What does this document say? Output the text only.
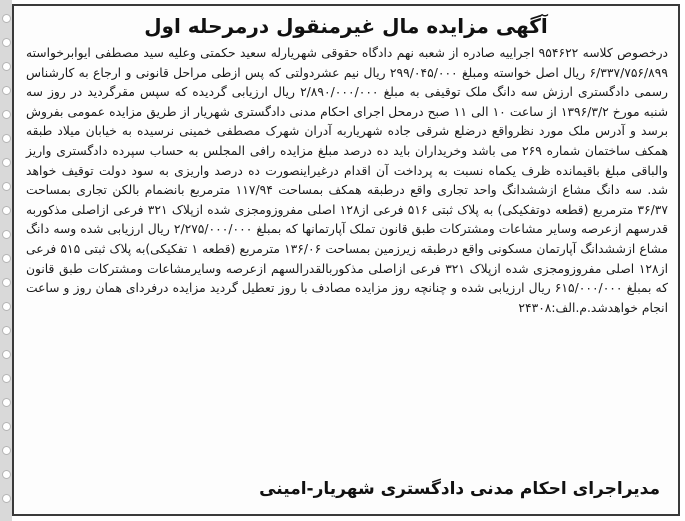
آگهی مزایده مال غیرمنقول درمرحله اول
درخصوص کلاسه ۹۵۴۶۲۲ اجراییه صادره از شعبه نهم دادگاه حقوقی شهریارله سعید حکمتی وعلیه سید مصطفی ایوابرخواسته ۶/۳۳۷/۷۵۶/۸۹۹ ریال اصل خواسته ومبلغ ۲۹۹/۰۴۵/۰۰۰ ریال نیم عشردولتی که پس ازطی مراحل قانونی و ارجاع به کارشناس رسمی دادگستری ارزش سه دانگ ملک توقیفی به مبلغ ۲/۸۹۰/۰۰۰/۰۰۰ ریال ارزیابی گردیده که سپس مقرگردید در روز سه شنبه مورخ ۱۳۹۶/۳/۲ از ساعت ۱۰ الی ۱۱ صبح درمحل اجرای احکام مدنی دادگستری شهریار از طریق مزایده عمومی بفروش برسد و آدرس ملک مورد نظرواقع درضلع شرقی جاده شهریاربه آدران شهرک مصطفی خمینی نرسیده به خیابان میلاد طبقه همکف ساختمان شماره ۲۶۹ می باشد وخریداران باید ده درصد مبلغ مزایده رافی المجلس به حساب سپرده دادگستری واریز والباقی مبلغ باقیمانده ظرف یکماه نسبت به پرداخت آن اقدام درغیراینصورت ده درصد واریزی به سود دولت توقیف خواهد شد. سه دانگ مشاع ازششدانگ واحد تجاری واقع درطبقه همکف بمساحت ۱۱۷/۹۴ مترمربع بانضمام بالکن تجاری بمساحت ۳۶/۳۷ مترمربع (قطعه دوتفکیکی) به پلاک ثبتی ۵۱۶ فرعی از۱۲۸ اصلی مفروزومجزی شده ازپلاک ۳۲۱ فرعی ازاصلی مذکوربه قدرسهم ازعرصه وسایر مشاعات ومشترکات طبق قانون تملک آپارتمانها که بمبلغ ۲/۲۷۵/۰۰۰/۰۰۰ ریال ارزیابی شده وسه دانگ مشاع ازششدانگ آپارتمان مسکونی واقع درطبقه زیرزمین بمساحت ۱۳۶/۰۶ مترمربع (قطعه ۱ تفکیکی)به پلاک ثبتی ۵۱۵ فرعی از۱۲۸ اصلی مفروزومجزی شده ازپلاک ۳۲۱ فرعی ازاصلی مذکوربالقدرالسهم ازعرصه وسایرمشاعات ومشترکات طبق قانون که بمبلغ ۶۱۵/۰۰۰/۰۰۰ ریال ارزیابی شده و چنانچه روز مزایده مصادف با روز تعطیل گردید مزایده درفردای همان روز و ساعت انجام خواهدشد.م.الف:۲۴۳۰۸
مدیراجرای احکام مدنی دادگستری شهریار-امینی
